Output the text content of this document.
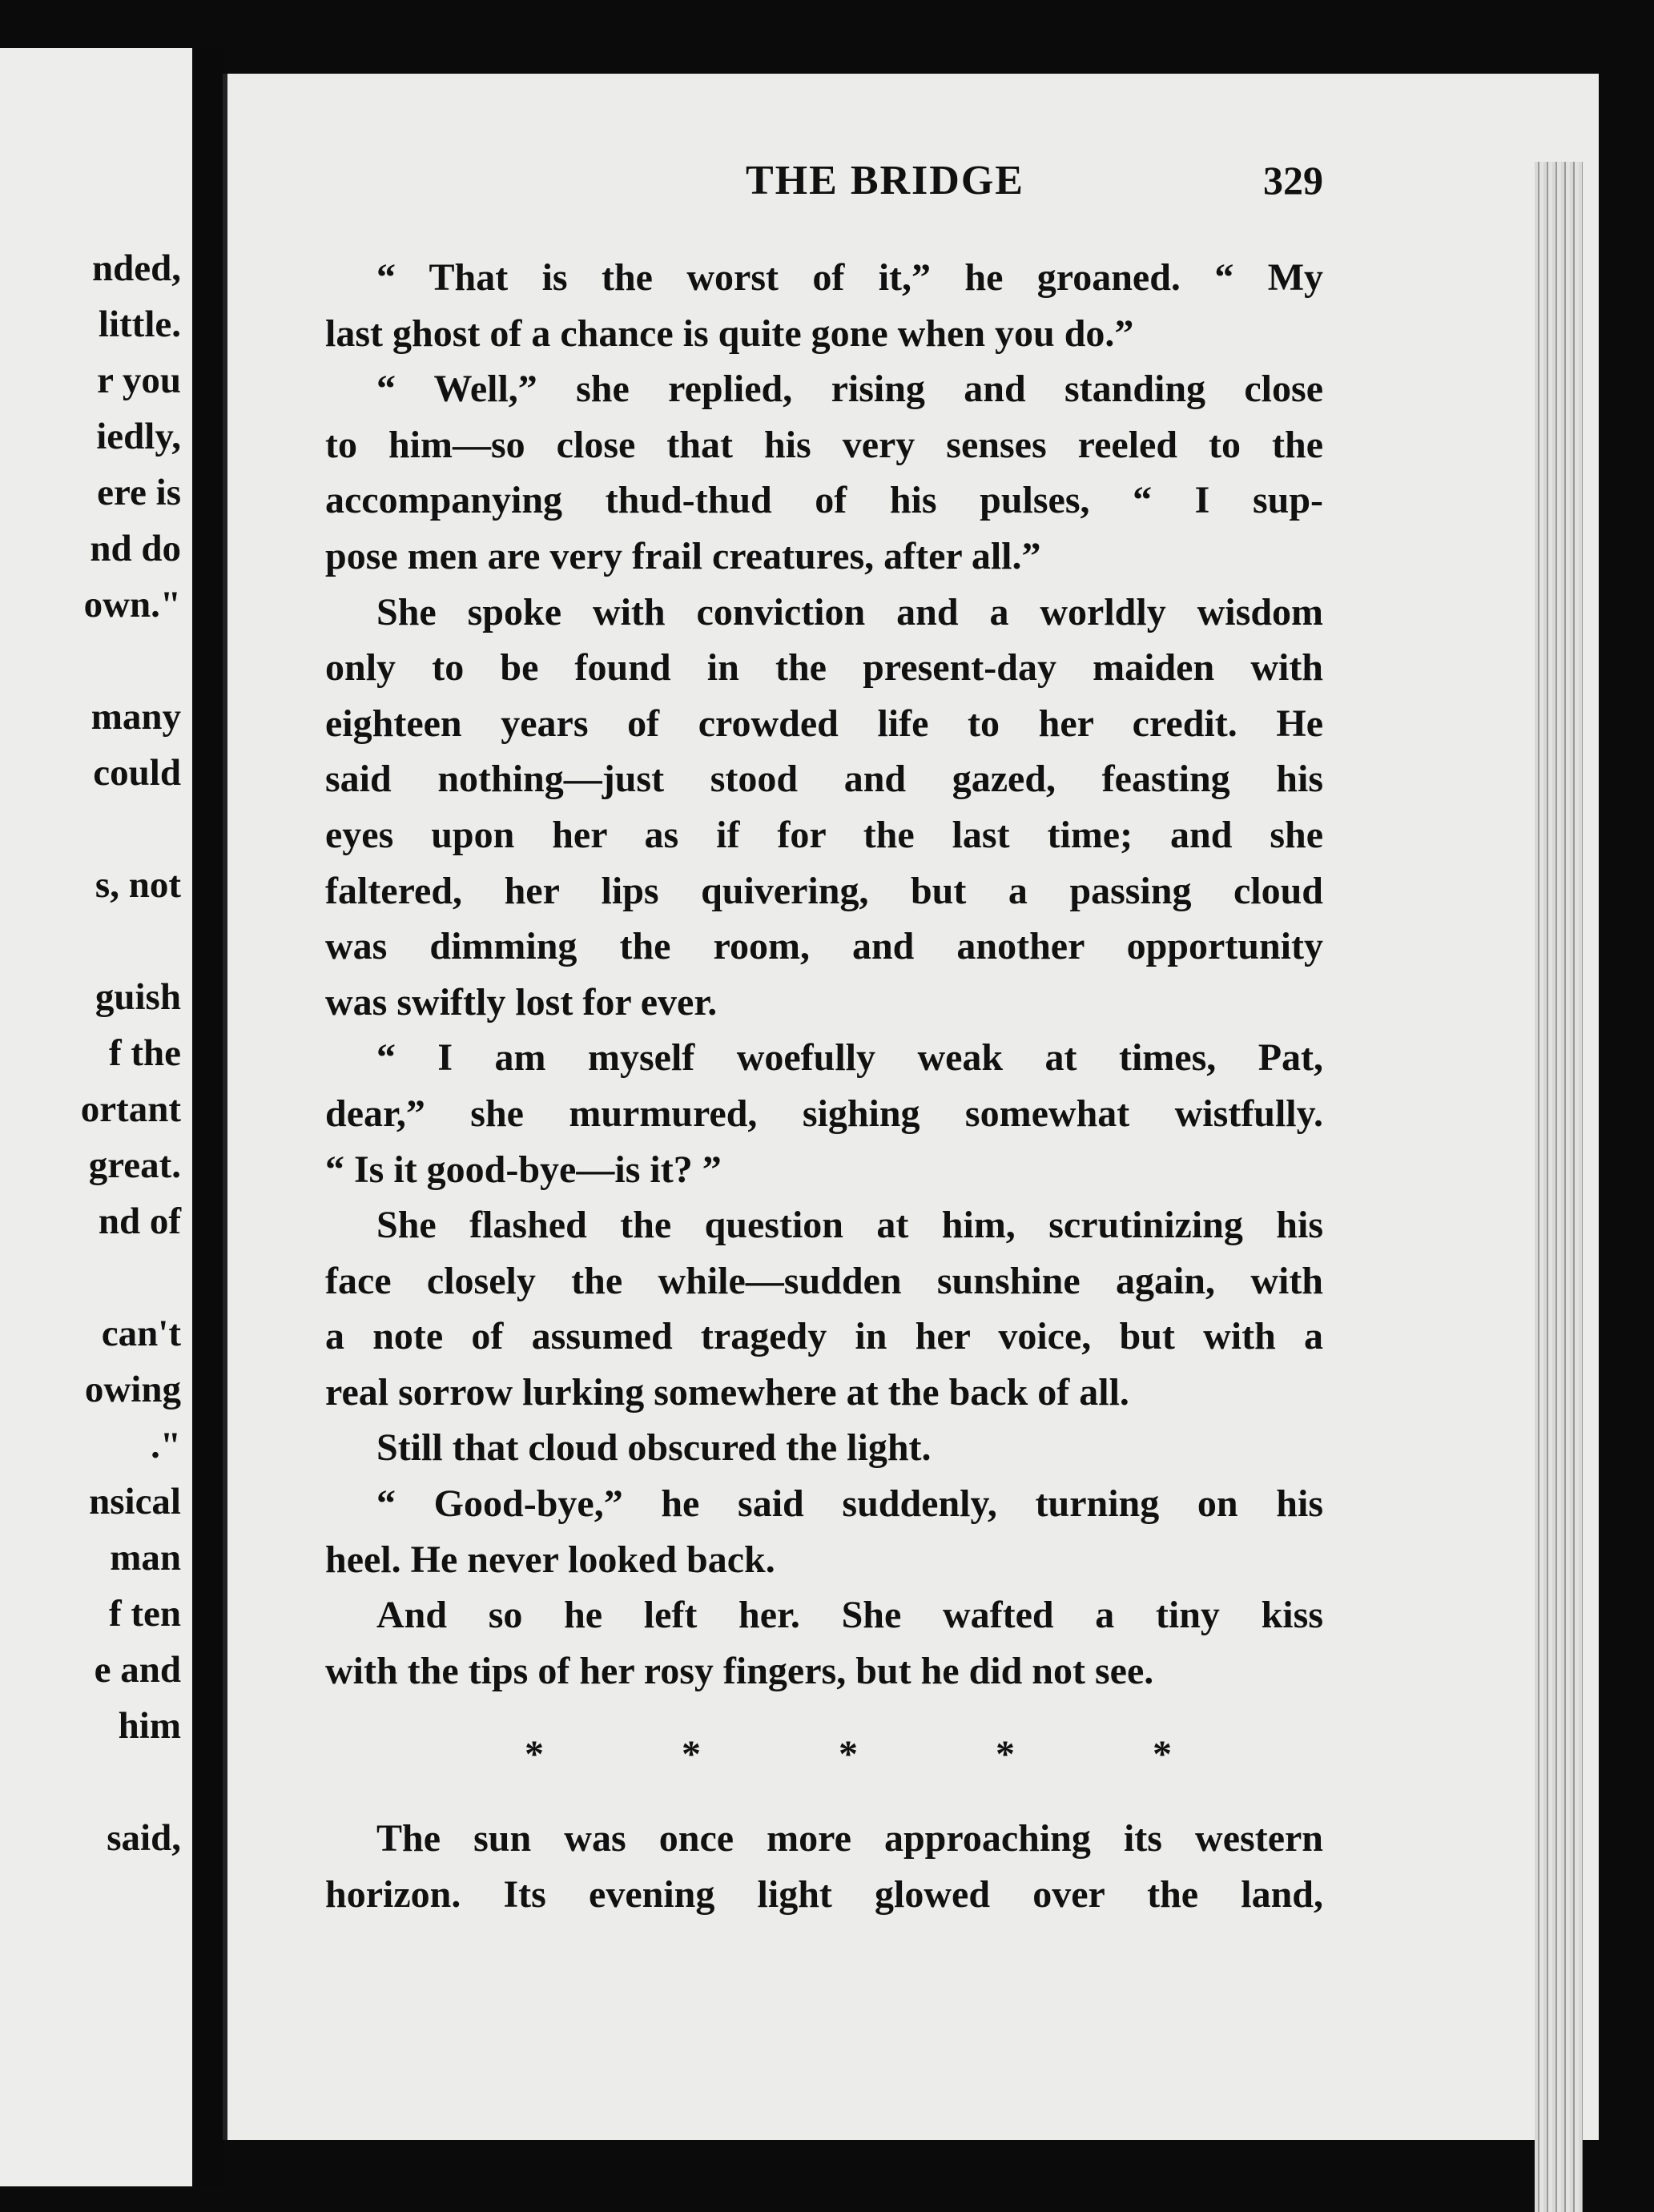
nded,
little.
r you
iedly,
ere is
nd do
own."
many
could
s, not
guish
f the
ortant
great.
nd of
can't
owing
."
nsical
man
f ten
e and
him
said,
THE BRIDGE	329
“ That is the worst of it,” he groaned. “ My
last ghost of a chance is quite gone when you do.”
“ Well,” she replied, rising and standing close
to him—so close that his very senses reeled to the
accompanying thud-thud of his pulses, “ I sup-
pose men are very frail creatures, after all.”
She spoke with conviction and a worldly wisdom
only to be found in the present-day maiden with
eighteen years of crowded life to her credit. He
said nothing—just stood and gazed, feasting his
eyes upon her as if for the last time; and she
faltered, her lips quivering, but a passing cloud
was dimming the room, and another opportunity
was swiftly lost for ever.
“ I am myself woefully weak at times, Pat,
dear,” she murmured, sighing somewhat wistfully.
“ Is it good-bye—is it? ”
She flashed the question at him, scrutinizing his
face closely the while—sudden sunshine again, with
a note of assumed tragedy in her voice, but with a
real sorrow lurking somewhere at the back of all.
Still that cloud obscured the light.
“ Good-bye,” he said suddenly, turning on his
heel. He never looked back.
And so he left her. She wafted a tiny kiss
with the tips of her rosy fingers, but he did not see.
* * * * *
The sun was once more approaching its western
horizon. Its evening light glowed over the land,
